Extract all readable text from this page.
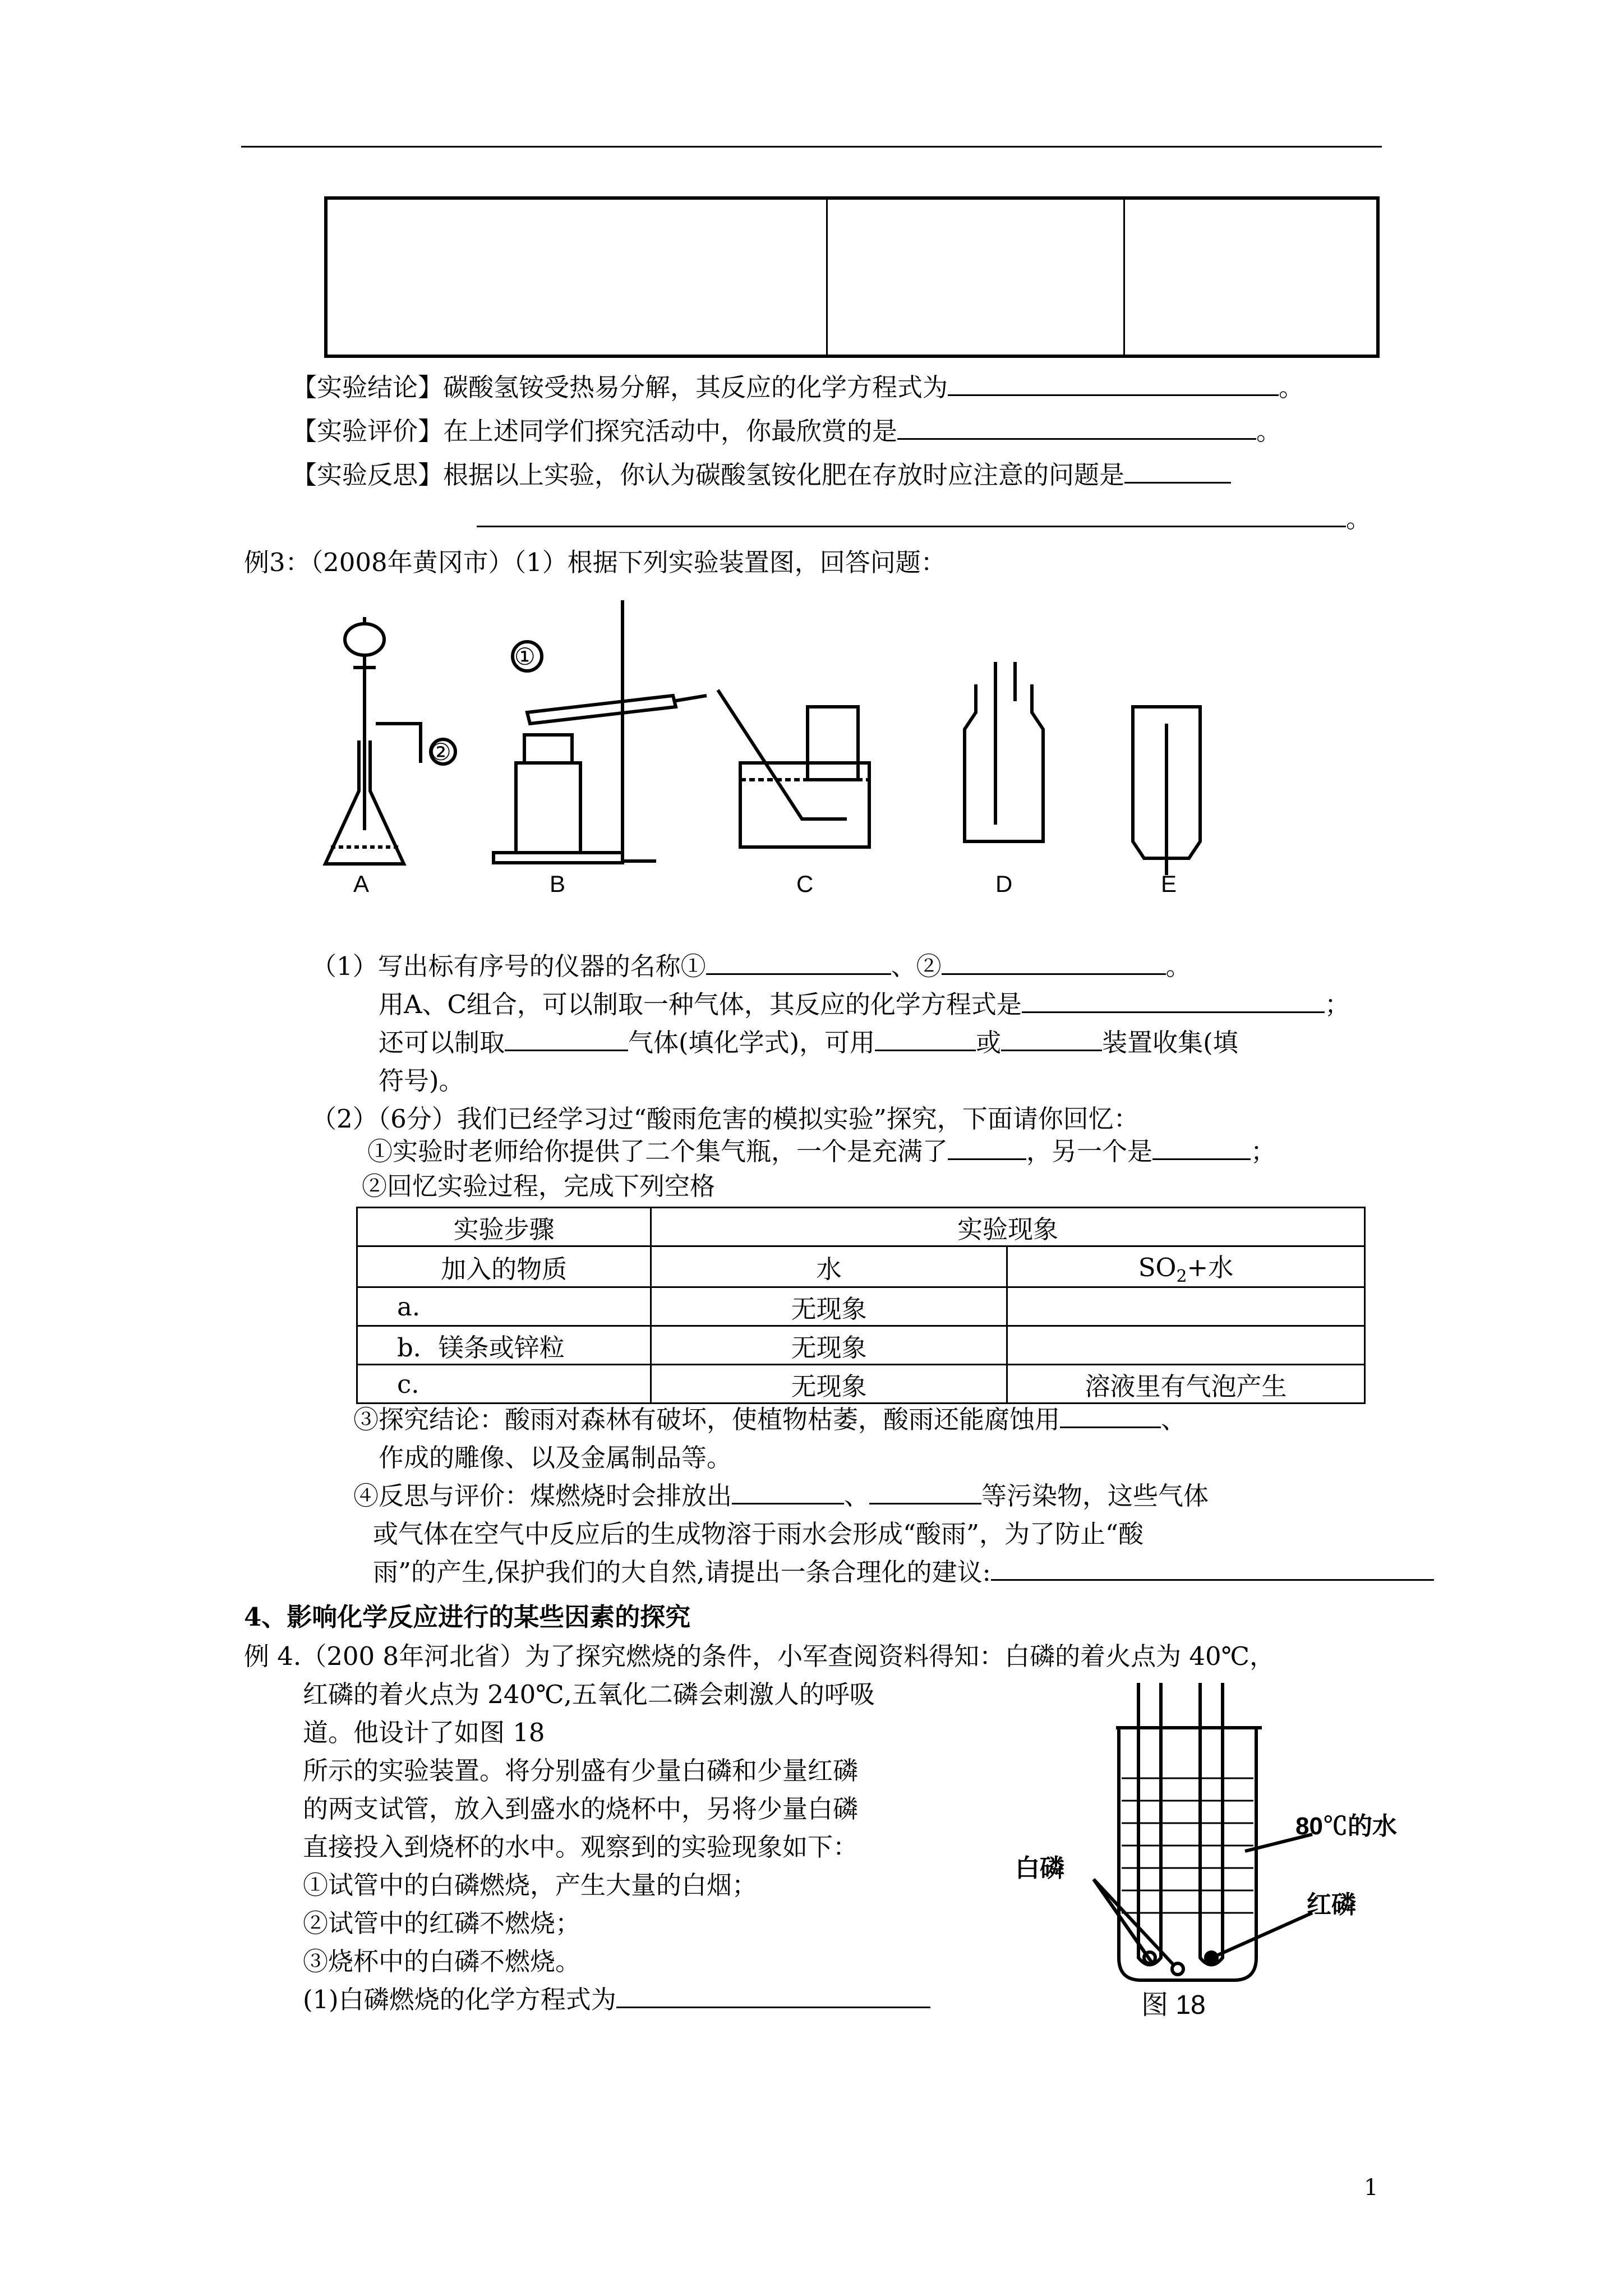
【实验结论】碳酸氢铵受热易分解，其反应的化学方程式为	。
【实验评价】在上述同学们探究活动中，你最欣赏的是	。
【实验反思】根据以上实验，你认为碳酸氢铵化肥在存放时应注意的问题是
。
例3：（2008年黄冈市）（1）根据下列实验装置图，回答问题：
A	B	C	D	E
①
②
（1）写出标有序号的仪器的名称①	、②	。
用A、C组合，可以制取一种气体，其反应的化学方程式是	；
还可以制取	气体(填化学式)，可用	或	装置收集(填
符号)。
（2）（6分）我们已经学习过“酸雨危害的模拟实验”探究，下面请你回忆：
①实验时老师给你提供了二个集气瓶，一个是充满了	，另一个是	；
②回忆实验过程，完成下列空格
实验步骤	实验现象	
加入的物质	水	$SO_2+$水
a.	无现象	
b．镁条或锌粒	无现象	
c.	无现象	溶液里有气泡产生
③探究结论：酸雨对森林有破坏，使植物枯萎，酸雨还能腐蚀用	、
作成的雕像、以及金属制品等。
④反思与评价：煤燃烧时会排放出	、	等污染物，这些气体
或气体在空气中反应后的生成物溶于雨水会形成“酸雨”，为了防止“酸
雨”的产生,保护我们的大自然,请提出一条合理化的建议:
4、影响化学反应进行的某些因素的探究
例 4.（200 8年河北省）为了探究燃烧的条件，小军查阅资料得知：白磷的着火点为 40℃，
红磷的着火点为 240℃,五氧化二磷会刺激人的呼吸
道。他设计了如图 18
所示的实验装置。将分别盛有少量白磷和少量红磷
的两支试管，放入到盛水的烧杯中，另将少量白磷
直接投入到烧杯的水中。观察到的实验现象如下：
①试管中的白磷燃烧，产生大量的白烟；
②试管中的红磷不燃烧；
③烧杯中的白磷不燃烧。
(1)白磷燃烧的化学方程式为
80℃的水
白磷
红磷
图 18
1
